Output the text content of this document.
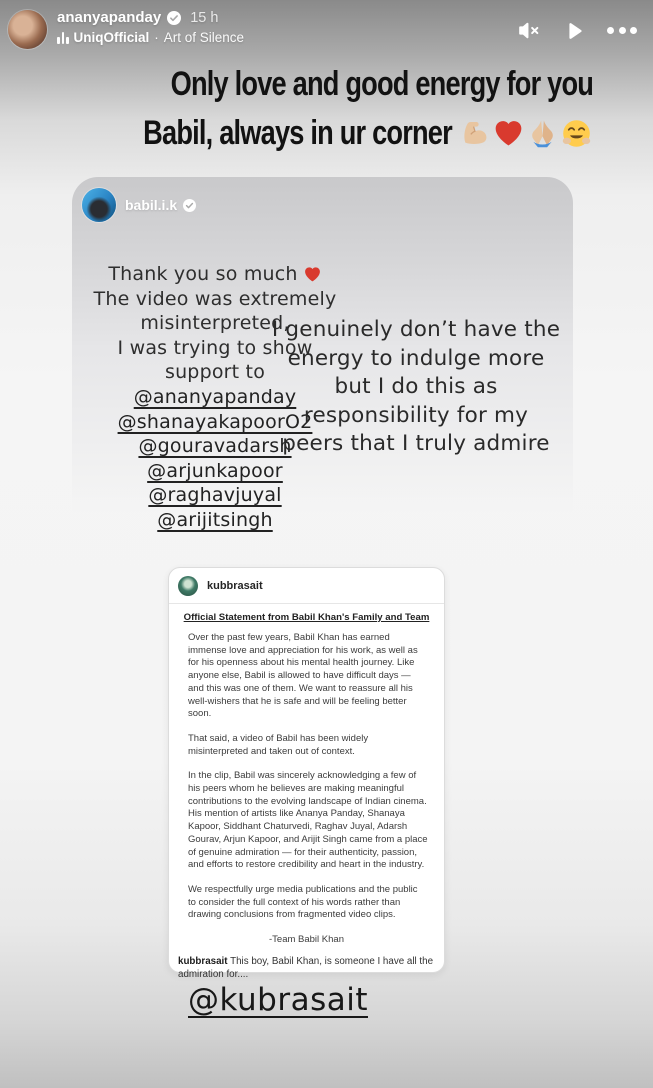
ananyapanday 15 h
UniqOfficial · Art of Silence
Only love and good energy for you
Babil, always in ur corner
babil.i.k
Thank you so much
The video was extremely
misinterpreted,
I was trying to show
support to
@ananyapanday
@shanayakapoorO2
@gouravadarsh
@arjunkapoor
@raghavjuyal
@arijitsingh
I genuinely don’t have the
energy to indulge more
but I do this as
responsibility for my
peers that I truly admire
kubbrasait
Official Statement from Babil Khan's Family and Team

Over the past few years, Babil Khan has earned immense love and appreciation for his work, as well as for his openness about his mental health journey. Like anyone else, Babil is allowed to have difficult days — and this was one of them. We want to reassure all his well-wishers that he is safe and will be feeling better soon.

That said, a video of Babil has been widely misinterpreted and taken out of context.

In the clip, Babil was sincerely acknowledging a few of his peers whom he believes are making meaningful contributions to the evolving landscape of Indian cinema. His mention of artists like Ananya Panday, Shanaya Kapoor, Siddhant Chaturvedi, Raghav Juyal, Adarsh Gourav, Arjun Kapoor, and Arijit Singh came from a place of genuine admiration — for their authenticity, passion, and efforts to restore credibility and heart in the industry.

We respectfully urge media publications and the public to consider the full context of his words rather than drawing conclusions from fragmented video clips.

-Team Babil Khan
kubbrasait This boy, Babil Khan, is someone I have all the admiration for....
@kubrasait
